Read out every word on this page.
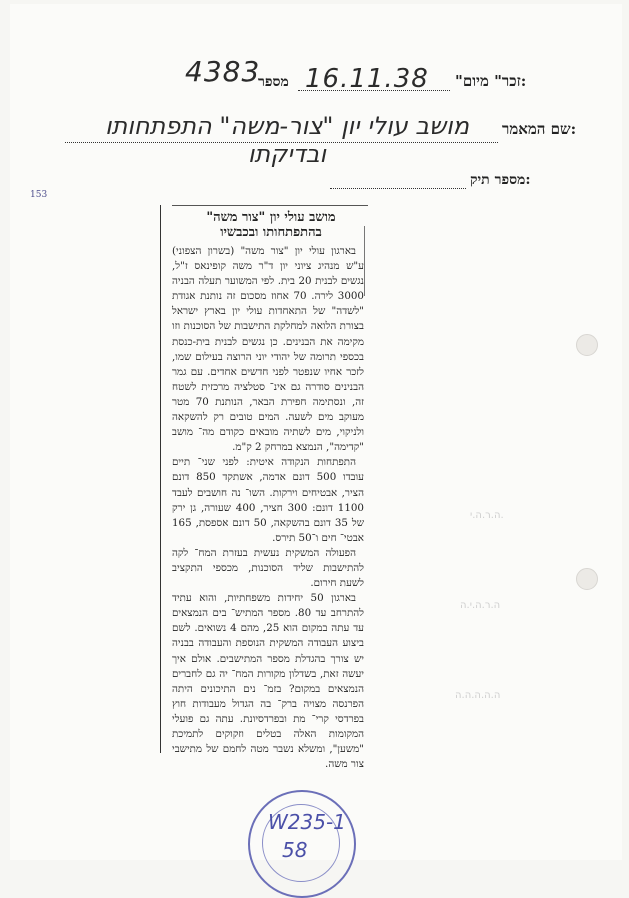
4383
מספר 16.11.38 "זכר" מיום:
מושב עולי יון "צור-משה" התפתחותו ובדיקתו
שם המאמר:
מספר תיק:
153
מושב עולי יון "צור משה" בהתפתחותו ובכבשיו

בארגון עולי יון "צור משה" (בשרון הצפוני) ע"ש מנהיג ציוני יון ד"ר משה קופינאס ז"ל, נגשים לבנית 20 בית. לפי המשוער תעלה הבניה 3000 לירה. 70 אחוז מסכום זה נותנת אגודת "לשדה" של התאחדות עולי יון בארץ ישראל בצורת הלואה למחלקת התישבות של הסוכנות וזו מקימה את הבנינים. כן נגשים לבנית בית-כנסת בכספי תרומה של יהודי יוני הרוצה בעילום שמו, לזכר אחיו שנפטר לפני חדשים אחדים. עם גמר הבנינים סודרה גם אינ־ סטלציה מרכזית לשטח זה, ונסתימה חפירת הבאר, הנותנת 70 מטר מעוקב מים לשעה. המים טובים רק להשקאה ולניקוי, מים לשתיה מובאים כקודם מה־ מושב "קדימה", הנמצא במרחק 2 ק"מ.

התפתחות הנקודה איטית: לפני שני־ תיים עובדו 500 דונם אדמה, אשתקד 850 דונם הציר, אבטיחים וירקות. השו־ נה חושבים לעבד 1100 דונם: 300 חציר, 400 שעורה, גן ירק של 35 דונם בהשקאה, 50 דונם אספסת, 165 אבטי־ חים ו־50 תירס.

הפעולה המשקית נעשית בעזרת המח־ לקה להתישבות שליד הסוכנות, מכספי התקציב לשעת חירום.

בארגון 50 יחידות משפחתיות, והוא עתיד להתרחב עד 80. מספר המתיש־ בים הנמצאים עד עתה במקום הוא 25, מהם 4 נשואים. לשם ביצוע העבודה המשקית הנוספת והעבודה בבניה יש צורך בהגדלת מספר המתישבים. אולם איך יעשה זאת, בשדלון מקורות המח־ יה גם לחברים הנמצאים במקום? בזמ־ נים התיכונים היתה הפרנסה מצויה ברק־ בה הגדול מעבודות חוץ בפרדסי קרי־ מת ובפרדסיונת. עתה גם פועלי המקומות האלה בטלים וזקוקים לתמיכת "משען", ומשלא נשבר מטה לחמם של מתישבי צור משה.

ה.ר.ה.י.
ה.ר.ה.י.ה
ה.ה.ה.ה.ה
W235-1
58
